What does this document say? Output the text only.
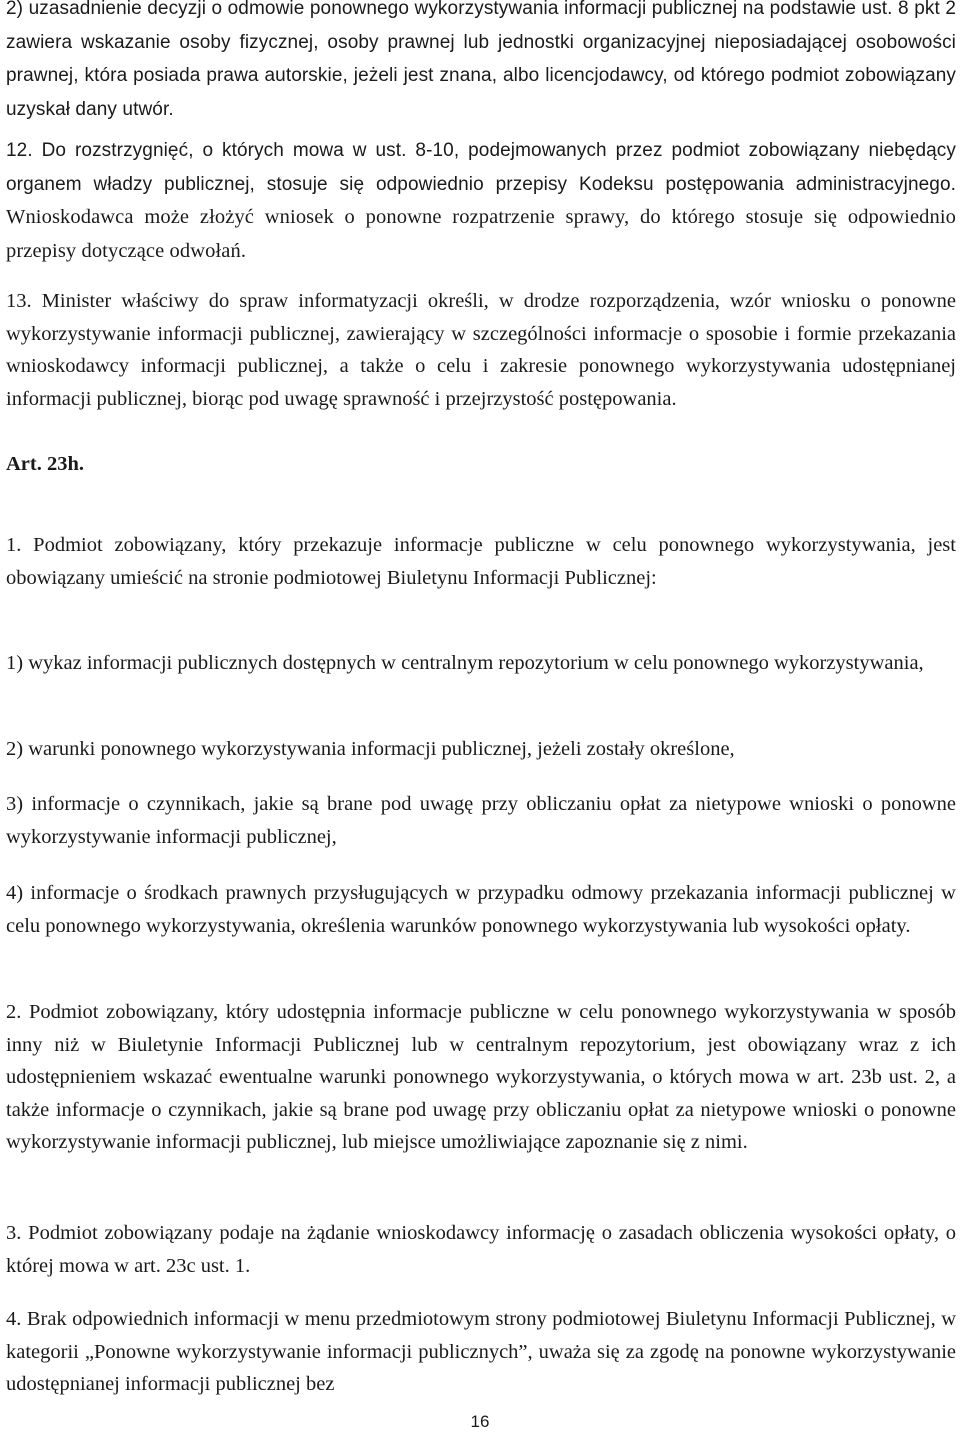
2) uzasadnienie decyzji o odmowie ponownego wykorzystywania informacji publicznej na podstawie ust. 8 pkt 2 zawiera wskazanie osoby fizycznej, osoby prawnej lub jednostki organizacyjnej nieposiadającej osobowości prawnej, która posiada prawa autorskie, jeżeli jest znana, albo licencjodawcy, od którego podmiot zobowiązany uzyskał dany utwór.

12. Do rozstrzygnięć, o których mowa w ust. 8-10, podejmowanych przez podmiot zobowiązany niebędący organem władzy publicznej, stosuje się odpowiednio przepisy Kodeksu postępowania administracyjnego. Wnioskodawca może złożyć wniosek o ponowne rozpatrzenie sprawy, do którego stosuje się odpowiednio przepisy dotyczące odwołań.

13. Minister właściwy do spraw informatyzacji określi, w drodze rozporządzenia, wzór wniosku o ponowne wykorzystywanie informacji publicznej, zawierający w szczególności informacje o sposobie i formie przekazania wnioskodawcy informacji publicznej, a także o celu i zakresie ponownego wykorzystywania udostępnianej informacji publicznej, biorąc pod uwagę sprawność i przejrzystość postępowania.

Art. 23h.

1. Podmiot zobowiązany, który przekazuje informacje publiczne w celu ponownego wykorzystywania, jest obowiązany umieścić na stronie podmiotowej Biuletynu Informacji Publicznej:

1) wykaz informacji publicznych dostępnych w centralnym repozytorium w celu ponownego wykorzystywania,

2) warunki ponownego wykorzystywania informacji publicznej, jeżeli zostały określone,

3) informacje o czynnikach, jakie są brane pod uwagę przy obliczaniu opłat za nietypowe wnioski o ponowne wykorzystywanie informacji publicznej,

4) informacje o środkach prawnych przysługujących w przypadku odmowy przekazania informacji publicznej w celu ponownego wykorzystywania, określenia warunków ponownego wykorzystywania lub wysokości opłaty.

2. Podmiot zobowiązany, który udostępnia informacje publiczne w celu ponownego wykorzystywania w sposób inny niż w Biuletynie Informacji Publicznej lub w centralnym repozytorium, jest obowiązany wraz z ich udostępnieniem wskazać ewentualne warunki ponownego wykorzystywania, o których mowa w art. 23b ust. 2, a także informacje o czynnikach, jakie są brane pod uwagę przy obliczaniu opłat za nietypowe wnioski o ponowne wykorzystywanie informacji publicznej, lub miejsce umożliwiające zapoznanie się z nimi.

3. Podmiot zobowiązany podaje na żądanie wnioskodawcy informację o zasadach obliczenia wysokości opłaty, o której mowa w art. 23c ust. 1.

4. Brak odpowiednich informacji w menu przedmiotowym strony podmiotowej Biuletynu Informacji Publicznej, w kategorii „Ponowne wykorzystywanie informacji publicznych”, uważa się za zgodę na ponowne wykorzystywanie udostępnianej informacji publicznej bez

16
